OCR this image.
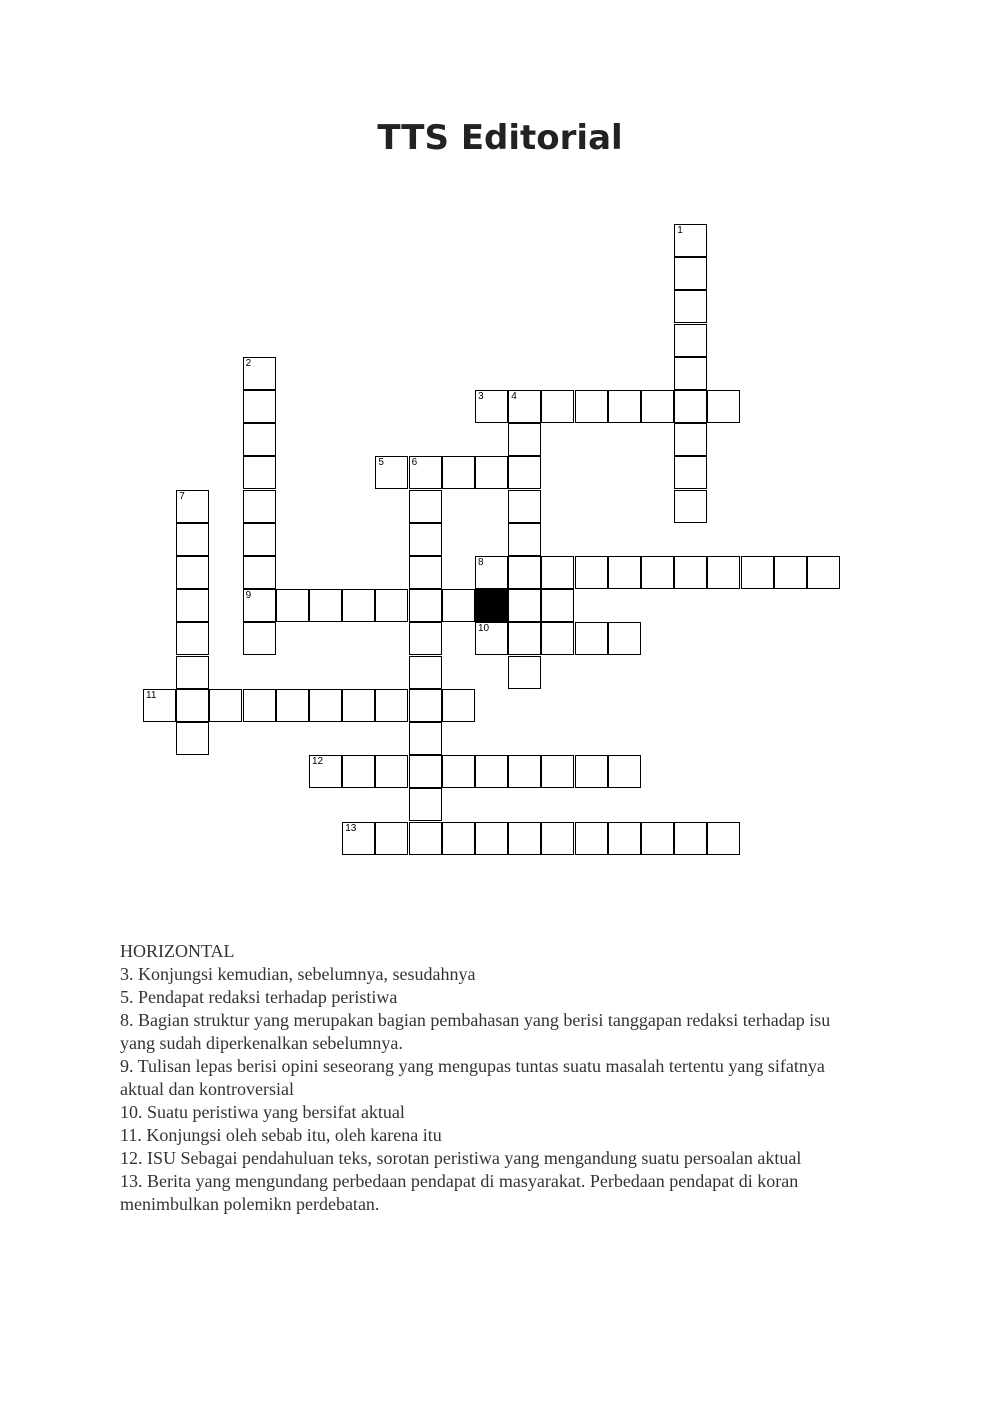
TTS Editorial
1
2
9
3	4
5	6
7
8
10
11
12
13

HORIZONTAL

3. Konjungsi kemudian, sebelumnya, sesudahnya

5. Pendapat redaksi terhadap peristiwa

8. Bagian struktur yang merupakan bagian pembahasan yang berisi tanggapan redaksi terhadap isu yang sudah diperkenalkan sebelumnya.

9. Tulisan lepas berisi opini seseorang yang mengupas tuntas suatu masalah tertentu yang sifatnya aktual dan kontroversial

10. Suatu peristiwa yang bersifat aktual

11. Konjungsi oleh sebab itu, oleh karena itu

12. ISU Sebagai pendahuluan teks, sorotan peristiwa yang mengandung suatu persoalan aktual

13. Berita yang mengundang perbedaan pendapat di masyarakat. Perbedaan pendapat di koran menimbulkan polemikn perdebatan.
